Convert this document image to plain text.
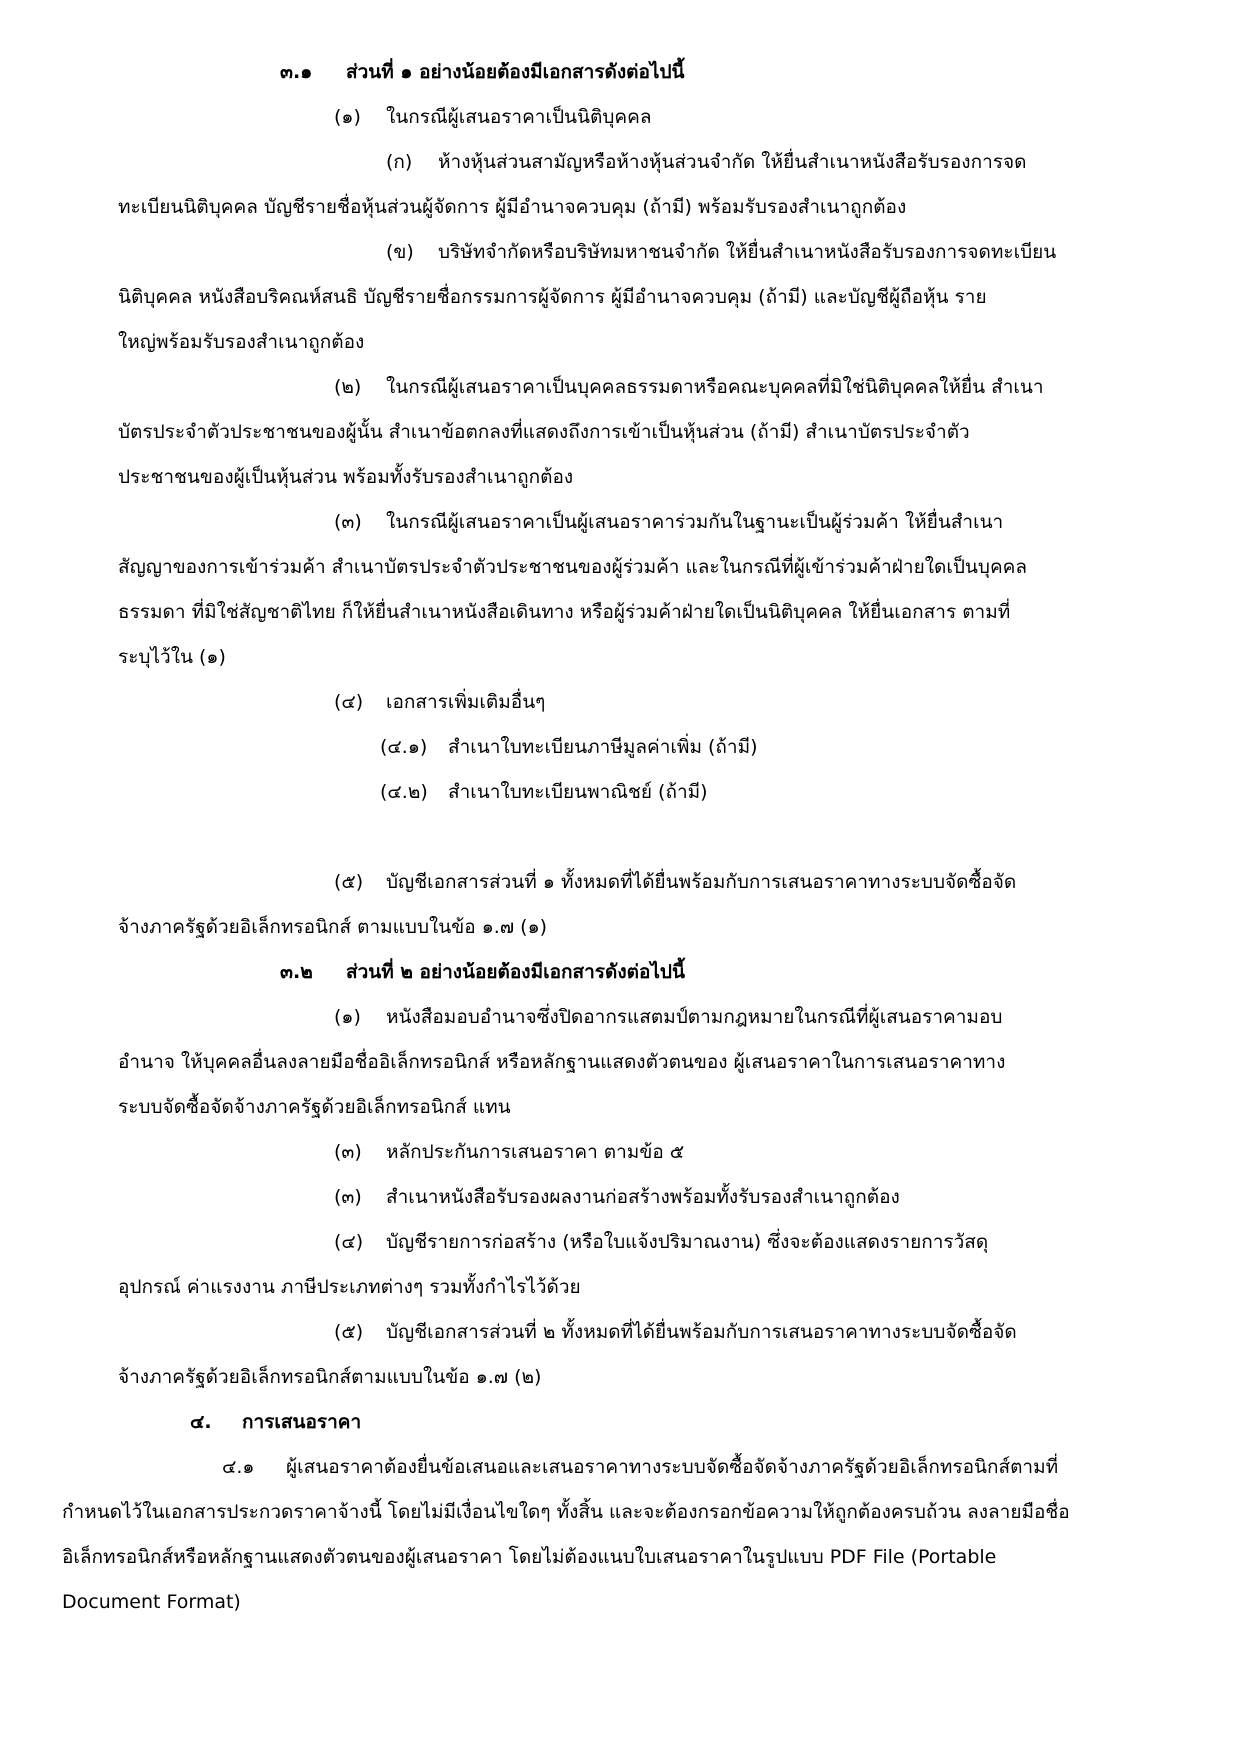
๓.๑ ส่วนที่ ๑ อย่างน้อยต้องมีเอกสารดังต่อไปนี้
(๑) ในกรณีผู้เสนอราคาเป็นนิติบุคคล
(ก) ห้างหุ้นส่วนสามัญหรือห้างหุ้นส่วนจำกัด ให้ยื่นสำเนาหนังสือรับรองการจด
ทะเบียนนิติบุคคล บัญชีรายชื่อหุ้นส่วนผู้จัดการ ผู้มีอำนาจควบคุม (ถ้ามี) พร้อมรับรองสำเนาถูกต้อง
(ข) บริษัทจำกัดหรือบริษัทมหาชนจำกัด ให้ยื่นสำเนาหนังสือรับรองการจดทะเบียน
นิติบุคคล หนังสือบริคณห์สนธิ บัญชีรายชื่อกรรมการผู้จัดการ ผู้มีอำนาจควบคุม (ถ้ามี) และบัญชีผู้ถือหุ้น ราย
ใหญ่พร้อมรับรองสำเนาถูกต้อง
(๒) ในกรณีผู้เสนอราคาเป็นบุคคลธรรมดาหรือคณะบุคคลที่มิใช่นิติบุคคลให้ยื่น สำเนา
บัตรประจำตัวประชาชนของผู้นั้น สำเนาข้อตกลงที่แสดงถึงการเข้าเป็นหุ้นส่วน (ถ้ามี) สำเนาบัตรประจำตัว
ประชาชนของผู้เป็นหุ้นส่วน พร้อมทั้งรับรองสำเนาถูกต้อง
(๓) ในกรณีผู้เสนอราคาเป็นผู้เสนอราคาร่วมกันในฐานะเป็นผู้ร่วมค้า ให้ยื่นสำเนา
สัญญาของการเข้าร่วมค้า สำเนาบัตรประจำตัวประชาชนของผู้ร่วมค้า และในกรณีที่ผู้เข้าร่วมค้าฝ่ายใดเป็นบุคคล
ธรรมดา ที่มิใช่สัญชาติไทย ก็ให้ยื่นสำเนาหนังสือเดินทาง หรือผู้ร่วมค้าฝ่ายใดเป็นนิติบุคคล ให้ยื่นเอกสาร ตามที่
ระบุไว้ใน (๑)
(๔) เอกสารเพิ่มเติมอื่นๆ
(๔.๑) สำเนาใบทะเบียนภาษีมูลค่าเพิ่ม (ถ้ามี)
(๔.๒) สำเนาใบทะเบียนพาณิชย์ (ถ้ามี)
(๕) บัญชีเอกสารส่วนที่ ๑ ทั้งหมดที่ได้ยื่นพร้อมกับการเสนอราคาทางระบบจัดซื้อจัด
จ้างภาครัฐด้วยอิเล็กทรอนิกส์ ตามแบบในข้อ ๑.๗ (๑)
๓.๒ ส่วนที่ ๒ อย่างน้อยต้องมีเอกสารดังต่อไปนี้
(๑) หนังสือมอบอำนาจซึ่งปิดอากรแสตมป์ตามกฎหมายในกรณีที่ผู้เสนอราคามอบ
อำนาจ ให้บุคคลอื่นลงลายมือชื่ออิเล็กทรอนิกส์ หรือหลักฐานแสดงตัวตนของ ผู้เสนอราคาในการเสนอราคาทาง
ระบบจัดซื้อจัดจ้างภาครัฐด้วยอิเล็กทรอนิกส์ แทน
(๓) หลักประกันการเสนอราคา ตามข้อ ๕
(๓) สำเนาหนังสือรับรองผลงานก่อสร้างพร้อมทั้งรับรองสำเนาถูกต้อง
(๔) บัญชีรายการก่อสร้าง (หรือใบแจ้งปริมาณงาน) ซึ่งจะต้องแสดงรายการวัสดุ
อุปกรณ์ ค่าแรงงาน ภาษีประเภทต่างๆ รวมทั้งกำไรไว้ด้วย
(๕) บัญชีเอกสารส่วนที่ ๒ ทั้งหมดที่ได้ยื่นพร้อมกับการเสนอราคาทางระบบจัดซื้อจัด
จ้างภาครัฐด้วยอิเล็กทรอนิกส์ตามแบบในข้อ ๑.๗ (๒)
๔. การเสนอราคา
๔.๑ ผู้เสนอราคาต้องยื่นข้อเสนอและเสนอราคาทางระบบจัดซื้อจัดจ้างภาครัฐด้วยอิเล็กทรอนิกส์ตามที่
กำหนดไว้ในเอกสารประกวดราคาจ้างนี้ โดยไม่มีเงื่อนไขใดๆ ทั้งสิ้น และจะต้องกรอกข้อความให้ถูกต้องครบถ้วน ลงลายมือชื่อ
อิเล็กทรอนิกส์หรือหลักฐานแสดงตัวตนของผู้เสนอราคา โดยไม่ต้องแนบใบเสนอราคาในรูปแบบ PDF File (Portable
Document Format)
